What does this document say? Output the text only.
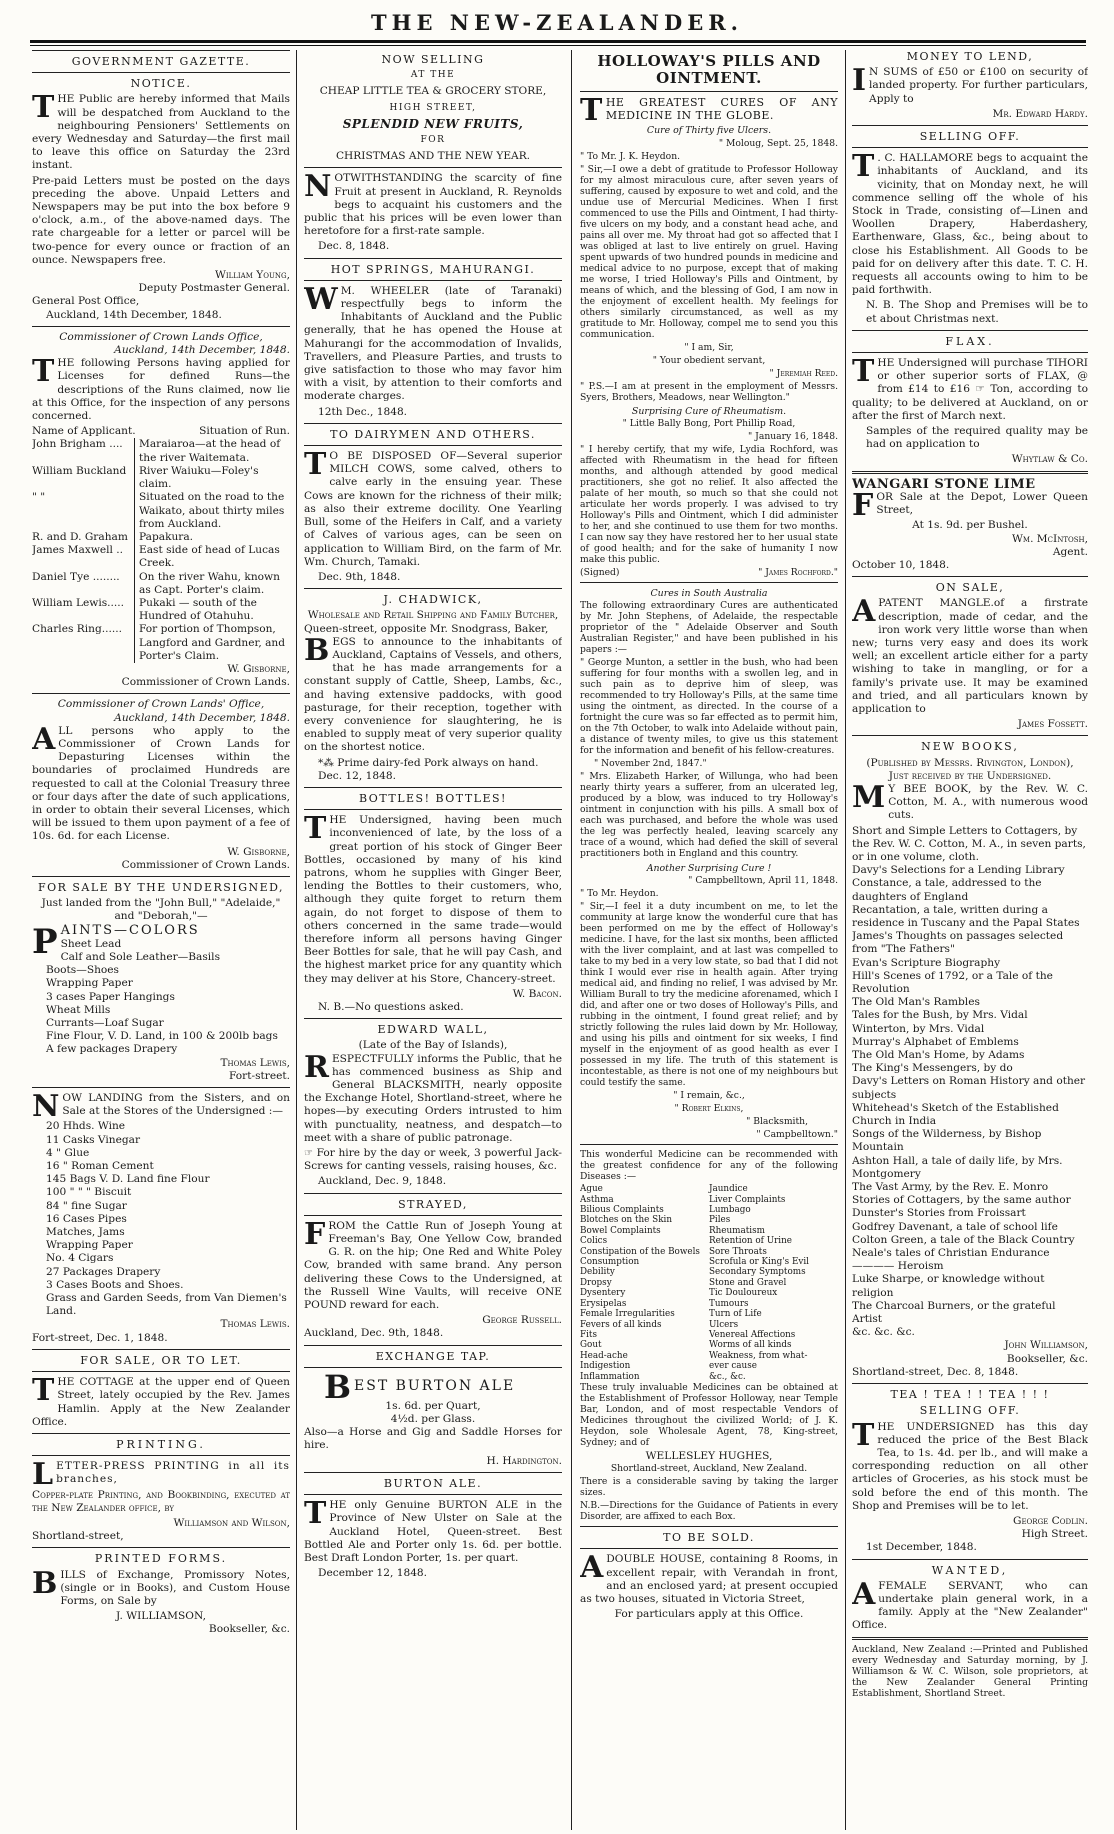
THE NEW-ZEALANDER.
GOVERNMENT GAZETTE.
NOTICE.
THE Public are hereby informed that Mails will be despatched from Auckland to the neighbouring Pensioners' Settlements on every Wednesday and Saturday—the first mail to leave this office on Saturday the 23rd instant.
Pre-paid Letters must be posted on the days preceding the above. Unpaid Letters and Newspapers may be put into the box before 9 o'clock, a.m., of the above-named days. The rate chargeable for a letter or parcel will be two-pence for every ounce or fraction of an ounce. Newspapers free.
William Young,
Deputy Postmaster General.
General Post Office,
Auckland, 14th December, 1848.
Commissioner of Crown Lands Office,
Auckland, 14th December, 1848.
THE following Persons having applied for Licenses for defined Runs—the descriptions of the Runs claimed, now lie at this Office, for the inspection of any persons concerned.
Name of Applicant.	Situation of Run.
John Brigham ....	Maraiaroa—at the head of the river Waitemata.
William Buckland	River Waiuku—Foley's claim.
" "	Situated on the road to the Waikato, about thirty miles from Auckland.
R. and D. Graham	Papakura.
James Maxwell ..	East side of head of Lucas Creek.
Daniel Tye ........	On the river Wahu, known as Capt. Porter's claim.
William Lewis.....	Pukaki — south of the Hundred of Otahuhu.
Charles Ring......	For portion of Thompson, Langford and Gardner, and Porter's Claim.
W. Gisborne,
Commissioner of Crown Lands.
Commissioner of Crown Lands' Office,
Auckland, 14th December, 1848.
ALL persons who apply to the Commissioner of Crown Lands for Depasturing Licenses within the boundaries of proclaimed Hundreds are requested to call at the Colonial Treasury three or four days after the date of such applications, in order to obtain their several Licenses, which will be issued to them upon payment of a fee of 10s. 6d. for each License.
W. Gisborne,
Commissioner of Crown Lands.
FOR SALE BY THE UNDERSIGNED,
Just landed from the "John Bull," "Adelaide," and "Deborah,"—
PAINTS—COLORS
Sheet Lead
Calf and Sole Leather—Basils
Boots—Shoes
Wrapping Paper
3 cases Paper Hangings
Wheat Mills
Currants—Loaf Sugar
Fine Flour, V. D. Land, in 100 & 200lb bags
A few packages Drapery
Thomas Lewis,
Fort-street.
NOW LANDING from the Sisters, and on Sale at the Stores of the Undersigned :—
20 Hhds. Wine
11 Casks Vinegar
4 " Glue
16 " Roman Cement
145 Bags V. D. Land fine Flour
100 " " " Biscuit
84 " fine Sugar
16 Cases Pipes
Matches, Jams
Wrapping Paper
No. 4 Cigars
27 Packages Drapery
3 Cases Boots and Shoes.
Grass and Garden Seeds, from Van Diemen's Land.
Thomas Lewis.
Fort-street, Dec. 1, 1848.
FOR SALE, OR TO LET.
THE COTTAGE at the upper end of Queen Street, lately occupied by the Rev. James Hamlin. Apply at the New Zealander Office.
PRINTING.
LETTER-PRESS PRINTING in all its branches,
Copper-plate Printing, and Bookbinding, executed at the New Zealander office, by
Williamson and Wilson,
Shortland-street,
PRINTED FORMS.
BILLS of Exchange, Promissory Notes, (single or in Books), and Custom House Forms, on Sale by
J. WILLIAMSON,
Bookseller, &c.
NOW SELLING
AT THE
CHEAP LITTLE TEA & GROCERY STORE,
HIGH STREET,
SPLENDID NEW FRUITS,
FOR
CHRISTMAS AND THE NEW YEAR.
NOTWITHSTANDING the scarcity of fine Fruit at present in Auckland, R. Reynolds begs to acquaint his customers and the public that his prices will be even lower than heretofore for a first-rate sample.
Dec. 8, 1848.
HOT SPRINGS, MAHURANGI.
W M. WHEELER (late of Taranaki) respectfully begs to inform the Inhabitants of Auckland and the Public generally, that he has opened the House at Mahurangi for the accommodation of Invalids, Travellers, and Pleasure Parties, and trusts to give satisfaction to those who may favor him with a visit, by attention to their comforts and moderate charges.
12th Dec., 1848.
TO DAIRYMEN AND OTHERS.
T O BE DISPOSED OF—Several superior MILCH COWS, some calved, others to calve early in the ensuing year. These Cows are known for the richness of their milk; as also their extreme docility. One Yearling Bull, some of the Heifers in Calf, and a variety of Calves of various ages, can be seen on application to William Bird, on the farm of Mr. Wm. Church, Tamaki.
Dec. 9th, 1848.
J. CHADWICK,
Wholesale and Retail Shipping and Family Butcher,
Queen-street, opposite Mr. Snodgrass, Baker,
BEGS to announce to the inhabitants of Auckland, Captains of Vessels, and others, that he has made arrangements for a constant supply of Cattle, Sheep, Lambs, &c., and having extensive paddocks, with good pasturage, for their reception, together with every convenience for slaughtering, he is enabled to supply meat of very superior quality on the shortest notice.
*⁂ Prime dairy-fed Pork always on hand.
Dec. 12, 1848.
BOTTLES! BOTTLES!
THE Undersigned, having been much inconvenienced of late, by the loss of a great portion of his stock of Ginger Beer Bottles, occasioned by many of his kind patrons, whom he supplies with Ginger Beer, lending the Bottles to their customers, who, although they quite forget to return them again, do not forget to dispose of them to others concerned in the same trade—would therefore inform all persons having Ginger Beer Bottles for sale, that he will pay Cash, and the highest market price for any quantity which they may deliver at his Store, Chancery-street.
W. Bacon.
N. B.—No questions asked.
EDWARD WALL,
(Late of the Bay of Islands),
RESPECTFULLY informs the Public, that he has commenced business as Ship and General BLACKSMITH, nearly opposite the Exchange Hotel, Shortland-street, where he hopes—by executing Orders intrusted to him with punctuality, neatness, and despatch—to meet with a share of public patronage.
☞ For hire by the day or week, 3 powerful Jack-Screws for canting vessels, raising houses, &c.
Auckland, Dec. 9, 1848.
STRAYED,
FROM the Cattle Run of Joseph Young at Freeman's Bay, One Yellow Cow, branded G. R. on the hip; One Red and White Poley Cow, branded with same brand. Any person delivering these Cows to the Undersigned, at the Russell Wine Vaults, will receive ONE POUND reward for each.
George Russell.
Auckland, Dec. 9th, 1848.
EXCHANGE TAP.
BEST BURTON ALE
1s. 6d. per Quart,
4½d. per Glass.
Also—a Horse and Gig and Saddle Horses for hire.
H. Hardington.
BURTON ALE.
THE only Genuine BURTON ALE in the Province of New Ulster on Sale at the Auckland Hotel, Queen-street. Best Bottled Ale and Porter only 1s. 6d. per bottle. Best Draft London Porter, 1s. per quart.
December 12, 1848.
HOLLOWAY'S PILLS AND OINTMENT.
THE GREATEST CURES OF ANY MEDICINE IN THE GLOBE.
Cure of Thirty five Ulcers.
" Moloug, Sept. 25, 1848.
" To Mr. J. K. Heydon.
" Sir,—I owe a debt of gratitude to Professor Holloway for my almost miraculous cure, after seven years of suffering, caused by exposure to wet and cold, and the undue use of Mercurial Medicines. When I first commenced to use the Pills and Ointment, I had thirty-five ulcers on my body, and a constant head ache, and pains all over me. My throat had got so affected that I was obliged at last to live entirely on gruel. Having spent upwards of two hundred pounds in medicine and medical advice to no purpose, except that of making me worse, I tried Holloway's Pills and Ointment, by means of which, and the blessing of God, I am now in the enjoyment of excellent health. My feelings for others similarly circumstanced, as well as my gratitude to Mr. Holloway, compel me to send you this communication.
" I am, Sir,
" Your obedient servant,
" Jeremiah Reed.
" P.S.—I am at present in the employment of Messrs. Syers, Brothers, Meadows, near Wellington."
Surprising Cure of Rheumatism.
" Little Bally Bong, Port Phillip Road,
" January 16, 1848.
" I hereby certify, that my wife, Lydia Rochford, was affected with Rheumatism in the head for fifteen months, and although attended by good medical practitioners, she got no relief. It also affected the palate of her mouth, so much so that she could not articulate her words properly. I was advised to try Holloway's Pills and Ointment, which I did administer to her, and she continued to use them for two months. I can now say they have restored her to her usual state of good health; and for the sake of humanity I now make this public.
(Signed)	" James Rochford."
Cures in South Australia
The following extraordinary Cures are authenticated by Mr. John Stephens, of Adelaide, the respectable proprietor of the " Adelaide Observer and South Australian Register," and have been published in his papers :—
" George Munton, a settler in the bush, who had been suffering for four months with a swollen leg, and in such pain as to deprive him of sleep, was recommended to try Holloway's Pills, at the same time using the ointment, as directed. In the course of a fortnight the cure was so far effected as to permit him, on the 7th October, to walk into Adelaide without pain, a distance of twenty miles, to give us this statement for the information and benefit of his fellow-creatures.
" November 2nd, 1847."
" Mrs. Elizabeth Harker, of Willunga, who had been nearly thirty years a sufferer, from an ulcerated leg, produced by a blow, was induced to try Holloway's ointment in conjunction with his pills. A small box of each was purchased, and before the whole was used the leg was perfectly healed, leaving scarcely any trace of a wound, which had defied the skill of several practitioners both in England and this country.
Another Surprising Cure !
" Campbelltown, April 11, 1848.
" To Mr. Heydon.
" Sir,—I feel it a duty incumbent on me, to let the community at large know the wonderful cure that has been performed on me by the effect of Holloway's medicine. I have, for the last six months, been afflicted with the liver complaint, and at last was compelled to take to my bed in a very low state, so bad that I did not think I would ever rise in health again. After trying medical aid, and finding no relief, I was advised by Mr. William Burall to try the medicine aforenamed, which I did, and after one or two doses of Holloway's Pills, and rubbing in the ointment, I found great relief; and by strictly following the rules laid down by Mr. Holloway, and using his pills and ointment for six weeks, I find myself in the enjoyment of as good health as ever I possessed in my life. The truth of this statement is incontestable, as there is not one of my neighbours but could testify the same.
" I remain, &c.,
" Robert Elkins,
" Blacksmith,
" Campbelltown."
This wonderful Medicine can be recommended with the greatest confidence for any of the following Diseases :—
Ague
Asthma
Bilious Complaints
Blotches on the Skin
Bowel Complaints
Colics
Constipation of the Bowels
Consumption
Debility
Dropsy
Dysentery
Erysipelas
Female Irregularities
Fevers of all kinds
Fits
Gout
Head-ache
Indigestion
Inflammation
Jaundice
Liver Complaints
Lumbago
Piles
Rheumatism
Retention of Urine
Sore Throats
Scrofula or King's Evil
Secondary Symptoms
Stone and Gravel
Tic Douloureux
Tumours
Turn of Life
Ulcers
Venereal Affections
Worms of all kinds
Weakness, from what-
ever cause
&c., &c.
These truly invaluable Medicines can be obtained at the Establishment of Professor Holloway, near Temple Bar, London, and of most respectable Vendors of Medicines throughout the civilized World; of J. K. Heydon, sole Wholesale Agent, 78, King-street, Sydney; and of
WELLESLEY HUGHES,
Shortland-street, Auckland, New Zealand.
There is a considerable saving by taking the larger sizes.
N.B.—Directions for the Guidance of Patients in every Disorder, are affixed to each Box.
TO BE SOLD.
ADOUBLE HOUSE, containing 8 Rooms, in excellent repair, with Verandah in front, and an enclosed yard; at present occupied as two houses, situated in Victoria Street,
For particulars apply at this Office.
MONEY TO LEND,
I N SUMS of £50 or £100 on security of landed property. For further particulars, Apply to
Mr. Edward Hardy.
SELLING OFF.
T . C. HALLAMORE begs to acquaint the inhabitants of Auckland, and its vicinity, that on Monday next, he will commence selling off the whole of his Stock in Trade, consisting of—Linen and Woollen Drapery, Haberdashery, Earthenware, Glass, &c., being about to close his Establishment. All Goods to be paid for on delivery after this date. T. C. H. requests all accounts owing to him to be paid forthwith.
N. B. The Shop and Premises will be to et about Christmas next.
FLAX.
THE Undersigned will purchase TIHORI or other superior sorts of FLAX, @ from £14 to £16 ☞ Ton, according to quality; to be delivered at Auckland, on or after the first of March next.
Samples of the required quality may be had on application to
Whytlaw & Co.
WANGARI STONE LIME
FOR Sale at the Depot, Lower Queen Street,
At 1s. 9d. per Bushel.
Wm. McIntosh,
Agent.
October 10, 1848.
ON SALE,
APATENT MANGLE.of a firstrate description, made of cedar, and the iron work very little worse than when new; turns very easy and does its work well; an excellent article either for a party wishing to take in mangling, or for a family's private use. It may be examined and tried, and all particulars known by application to
James Fossett.
NEW BOOKS,
(Published by Messrs. Rivington, London),
Just received by the Undersigned.
M Y BEE BOOK, by the Rev. W. C. Cotton, M. A., with numerous wood cuts.
Short and Simple Letters to Cottagers, by the Rev. W. C. Cotton, M. A., in seven parts, or in one volume, cloth.
Davy's Selections for a Lending Library
Constance, a tale, addressed to the daughters of England
Recantation, a tale, written during a residence in Tuscany and the Papal States
James's Thoughts on passages selected from "The Fathers"
Evan's Scripture Biography
Hill's Scenes of 1792, or a Tale of the Revolution
The Old Man's Rambles
Tales for the Bush, by Mrs. Vidal
Winterton, by Mrs. Vidal
Murray's Alphabet of Emblems
The Old Man's Home, by Adams
The King's Messengers, by do
Davy's Letters on Roman History and other subjects
Whitehead's Sketch of the Established Church in India
Songs of the Wilderness, by Bishop Mountain
Ashton Hall, a tale of daily life, by Mrs. Montgomery
The Vast Army, by the Rev. E. Monro
Stories of Cottagers, by the same author
Dunster's Stories from Froissart
Godfrey Davenant, a tale of school life
Colton Green, a tale of the Black Country
Neale's tales of Christian Endurance
———— Heroism
Luke Sharpe, or knowledge without religion
The Charcoal Burners, or the grateful Artist
&c. &c. &c.
John Williamson,
Bookseller, &c.
Shortland-street, Dec. 8, 1848.
TEA ! TEA ! ! TEA ! ! !
SELLING OFF.
THE UNDERSIGNED has this day reduced the price of the Best Black Tea, to 1s. 4d. per lb., and will make a corresponding reduction on all other articles of Groceries, as his stock must be sold before the end of this month. The Shop and Premises will be to let.
George Codlin.
High Street.
1st December, 1848.
WANTED,
AFEMALE SERVANT, who can undertake plain general work, in a family. Apply at the "New Zealander" Office.
Auckland, New Zealand :—Printed and Published every Wednesday and Saturday morning, by J. Williamson & W. C. Wilson, sole proprietors, at the New Zealander General Printing Establishment, Shortland Street.
